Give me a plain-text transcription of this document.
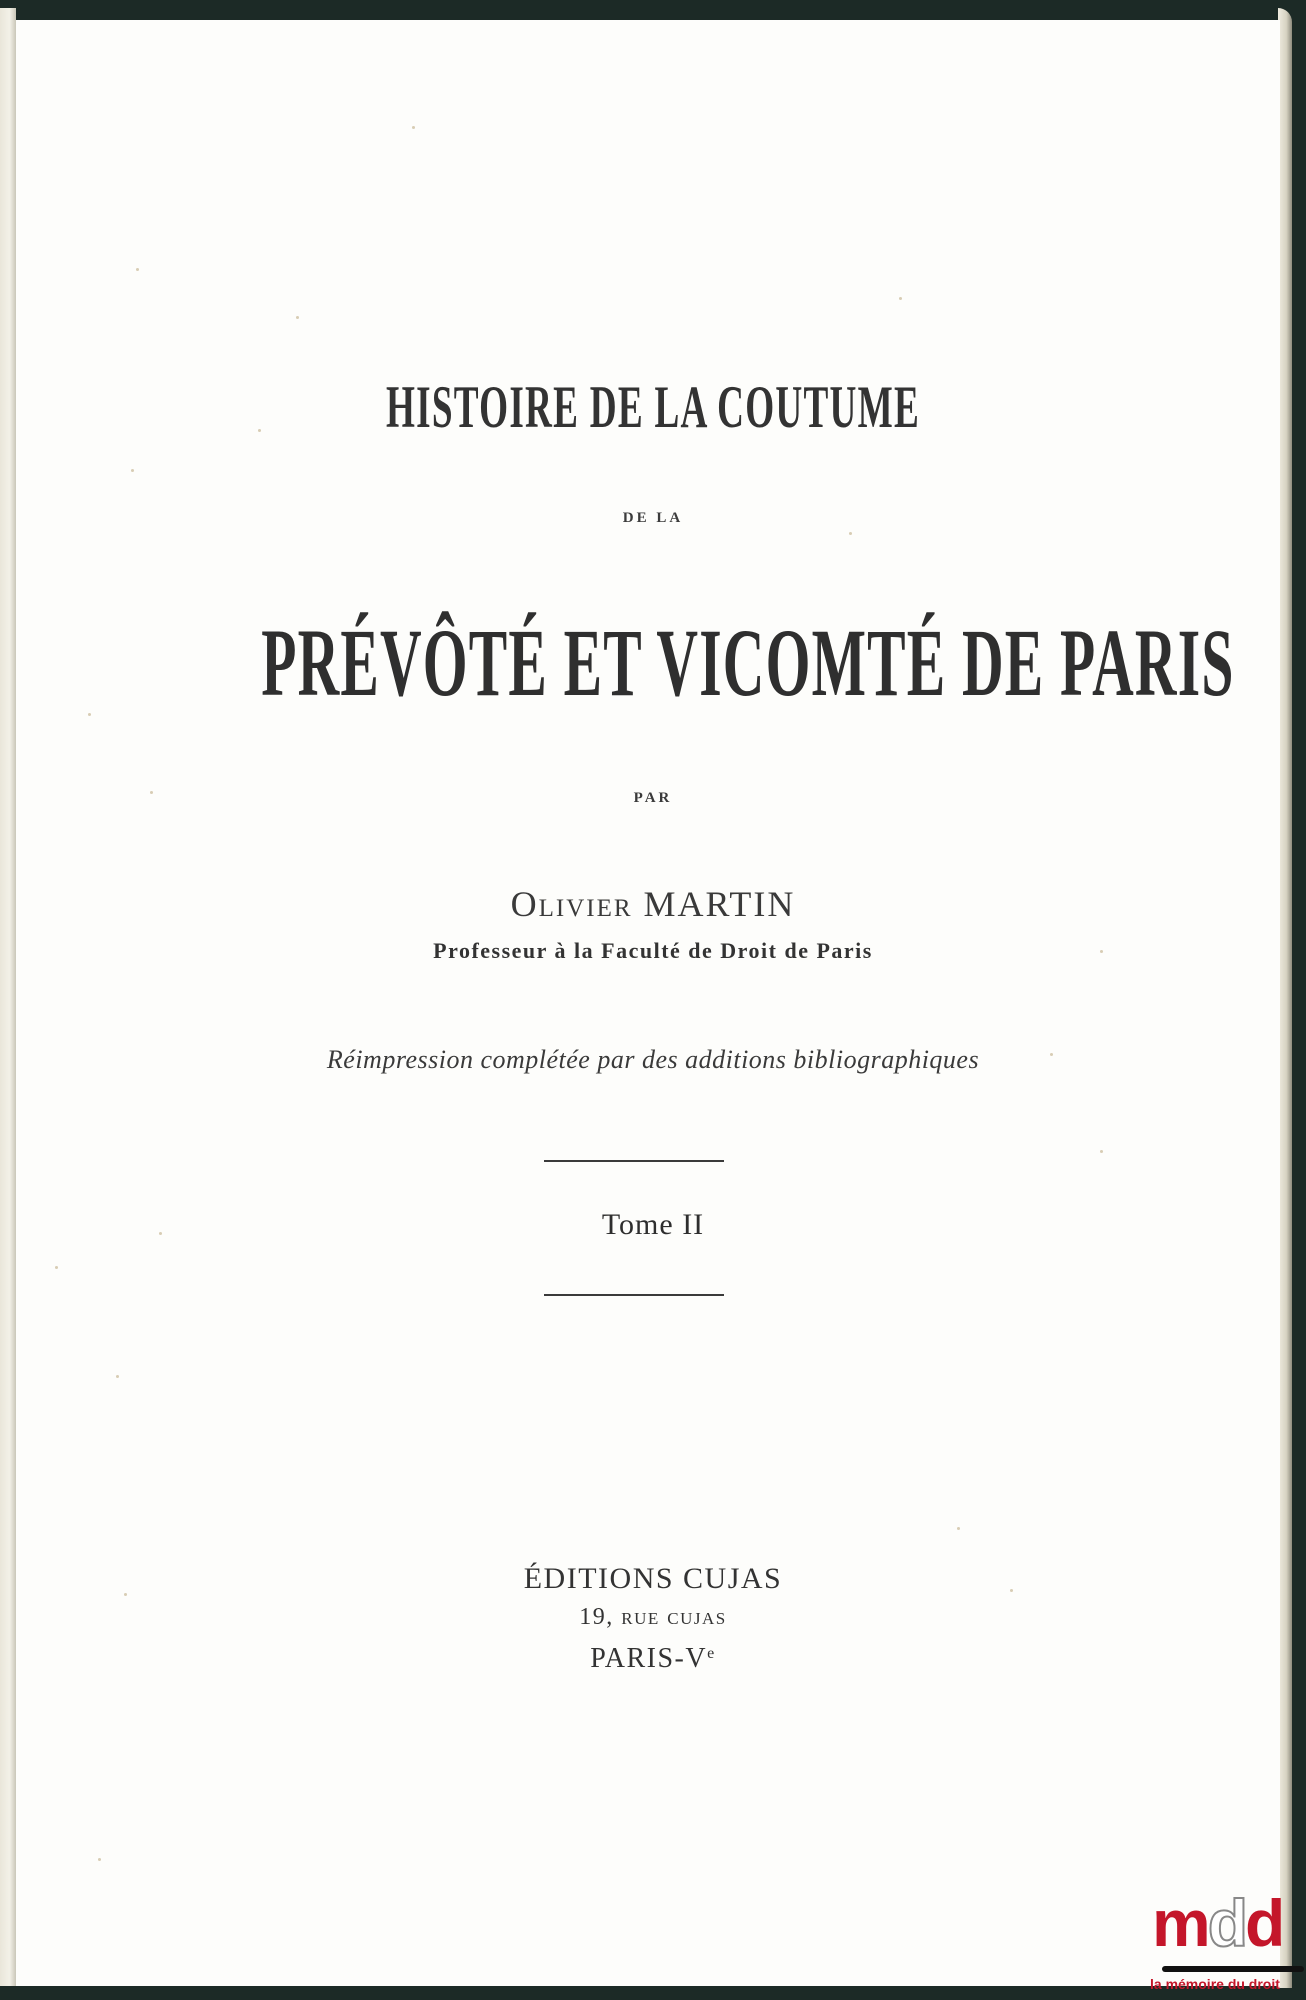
HISTOIRE DE LA COUTUME
DE LA
PRÉVÔTÉ ET VICOMTÉ DE PARIS
PAR
Olivier MARTIN
Professeur à la Faculté de Droit de Paris
Réimpression complétée par des additions bibliographiques
Tome II
ÉDITIONS CUJAS
19, rue cujas
PARIS-Ve
mdd
la mémoire du droit
